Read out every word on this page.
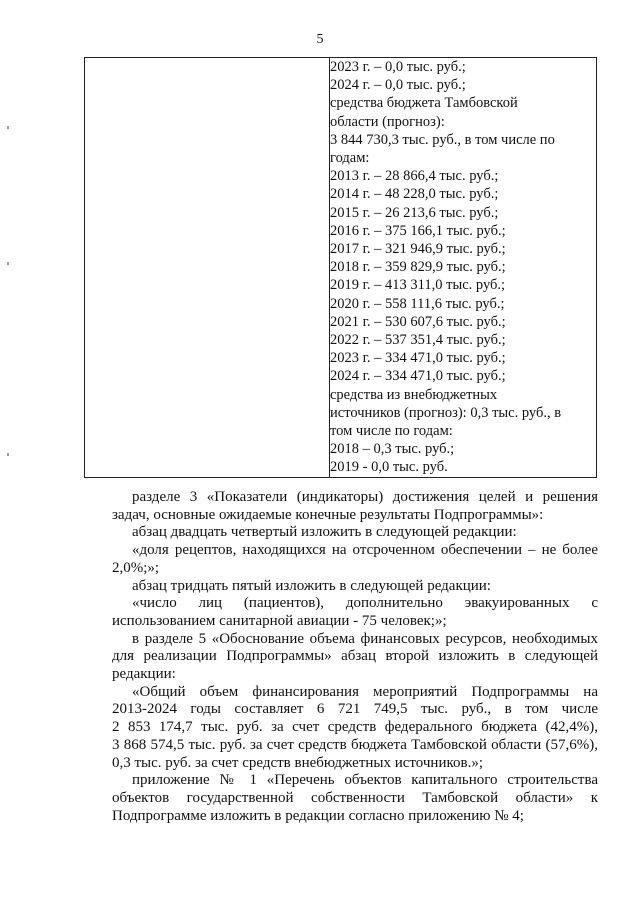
5

2023 г. – 0,0 тыс. руб.;
2024 г. – 0,0 тыс. руб.;
средства бюджета Тамбовской
области (прогноз):
3 844 730,3 тыс. руб., в том числе по
годам:
2013 г. – 28 866,4 тыс. руб.;
2014 г. – 48 228,0 тыс. руб.;
2015 г. – 26 213,6 тыс. руб.;
2016 г. – 375 166,1 тыс. руб.;
2017 г. – 321 946,9 тыс. руб.;
2018 г. – 359 829,9 тыс. руб.;
2019 г. – 413 311,0 тыс. руб.;
2020 г. – 558 111,6 тыс. руб.;
2021 г. – 530 607,6 тыс. руб.;
2022 г. – 537 351,4 тыс. руб.;
2023 г. – 334 471,0 тыс. руб.;
2024 г. – 334 471,0 тыс. руб.;
средства из внебюджетных
источников (прогноз): 0,3 тыс. руб., в
том числе по годам:
2018 – 0,3 тыс. руб.;
2019 - 0,0 тыс. руб.

разделе 3 «Показатели (индикаторы) достижения целей и решения задач, основные ожидаемые конечные результаты Подпрограммы»:

абзац двадцать четвертый изложить в следующей редакции:

«доля рецептов, находящихся на отсроченном обеспечении – не более 2,0%;»;

абзац тридцать пятый изложить в следующей редакции:

«число лиц (пациентов), дополнительно эвакуированных с использованием санитарной авиации - 75 человек;»;

в разделе 5 «Обоснование объема финансовых ресурсов, необходимых для реализации Подпрограммы» абзац второй изложить в следующей редакции:

«Общий объем финансирования мероприятий Подпрограммы на

2013-2024 годы составляет 6 721 749,5 тыс. руб., в том числе

2 853 174,7 тыс. руб. за счет средств федерального бюджета (42,4%),

3 868 574,5 тыс. руб. за счет средств бюджета Тамбовской области (57,6%),

0,3 тыс. руб. за счет средств внебюджетных источников.»;

приложение № 1 «Перечень объектов капитального строительства объектов государственной собственности Тамбовской области» к Подпрограмме изложить в редакции согласно приложению № 4;
